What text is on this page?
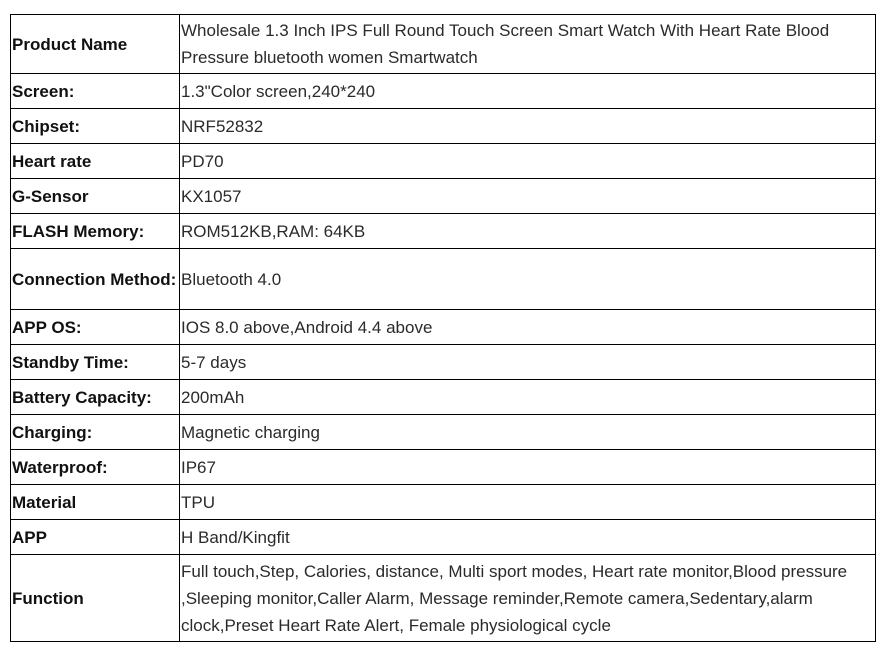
Product Name	Wholesale 1.3 Inch IPS Full Round Touch Screen Smart Watch With Heart Rate Blood Pressure bluetooth women Smartwatch
Screen:	1.3"Color screen,240*240
Chipset:	NRF52832
Heart rate	PD70
G-Sensor	KX1057
FLASH Memory:	ROM512KB,RAM: 64KB
Connection Method:	Bluetooth 4.0
APP OS:	IOS 8.0 above,Android 4.4 above
Standby Time:	5-7 days
Battery Capacity:	200mAh
Charging:	Magnetic charging
Waterproof:	IP67
Material	TPU
APP	H Band/Kingfit
Function	Full touch,Step, Calories, distance, Multi sport modes, Heart rate monitor,Blood pressure ,Sleeping monitor,Caller Alarm, Message reminder,Remote camera,Sedentary,alarm clock,Preset Heart Rate Alert, Female physiological cycle
